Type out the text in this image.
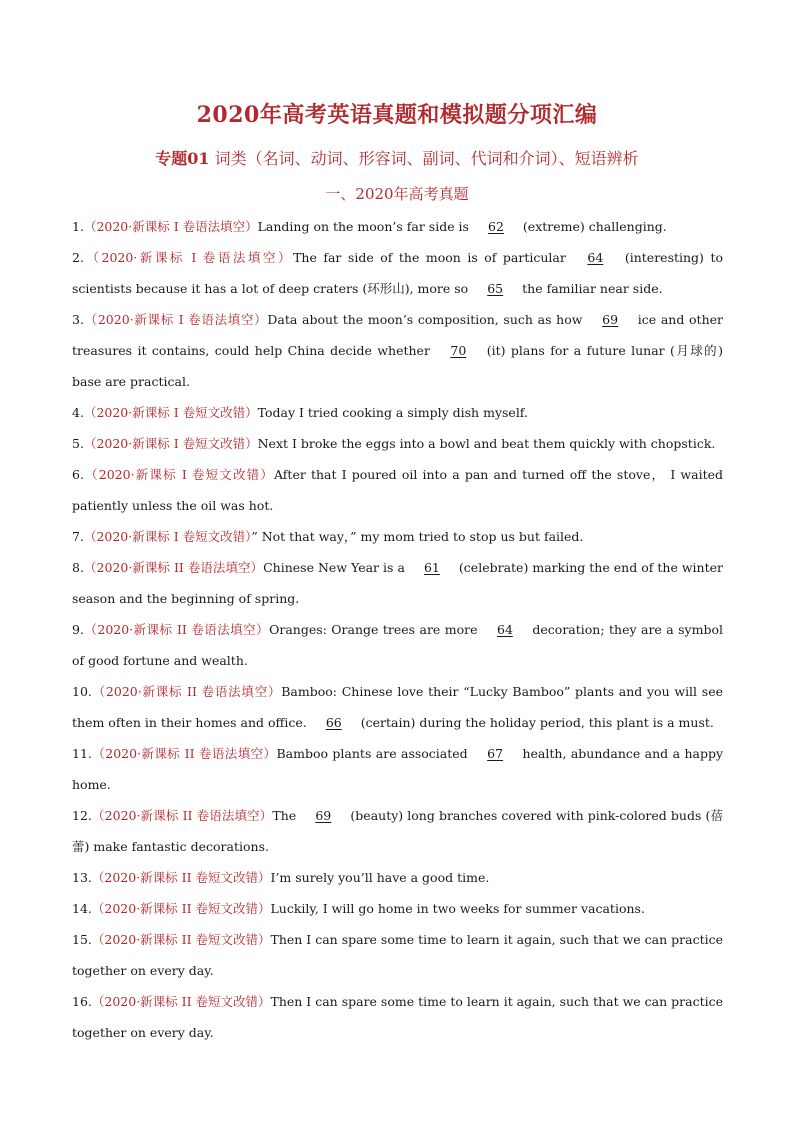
2020年高考英语真题和模拟题分项汇编
专题01 词类（名词、动词、形容词、副词、代词和介词）、短语辨析
一、2020年高考真题

1.（2020·新课标 I 卷语法填空）Landing on the moon’s far side is 62 (extreme) challenging.

2.（2020·新课标 I 卷语法填空）The far side of the moon is of particular 64 (interesting) to scientists because it has a lot of deep craters (环形山), more so 65 the familiar near side.

3.（2020·新课标 I 卷语法填空）Data about the moon’s composition, such as how 69 ice and other treasures it contains, could help China decide whether 70 (it) plans for a future lunar (月球的) base are practical.

4.（2020·新课标 I 卷短文改错）Today I tried cooking a simply dish myself.

5.（2020·新课标 I 卷短文改错）Next I broke the eggs into a bowl and beat them quickly with chopstick.

6.（2020·新课标 I 卷短文改错）After that I poured oil into a pan and turned off the stove， I waited patiently unless the oil was hot.

7.（2020·新课标 I 卷短文改错）” Not that way，” my mom tried to stop us but failed.

8.（2020·新课标 II 卷语法填空）Chinese New Year is a 61 (celebrate) marking the end of the winter season and the beginning of spring.

9.（2020·新课标 II 卷语法填空）Oranges: Orange trees are more 64 decoration; they are a symbol of good fortune and wealth.

10.（2020·新课标 II 卷语法填空）Bamboo: Chinese love their “Lucky Bamboo” plants and you will see them often in their homes and office. 66 (certain) during the holiday period, this plant is a must.

11.（2020·新课标 II 卷语法填空）Bamboo plants are associated 67 health, abundance and a happy home.

12.（2020·新课标 II 卷语法填空）The 69 (beauty) long branches covered with pink-colored buds (蓓蕾) make fantastic decorations.

13.（2020·新课标 II 卷短文改错）I’m surely you’ll have a good time.

14.（2020·新课标 II 卷短文改错）Luckily, I will go home in two weeks for summer vacations.

15.（2020·新课标 II 卷短文改错）Then I can spare some time to learn it again, such that we can practice together on every day.

16.（2020·新课标 II 卷短文改错）Then I can spare some time to learn it again, such that we can practice together on every day.
